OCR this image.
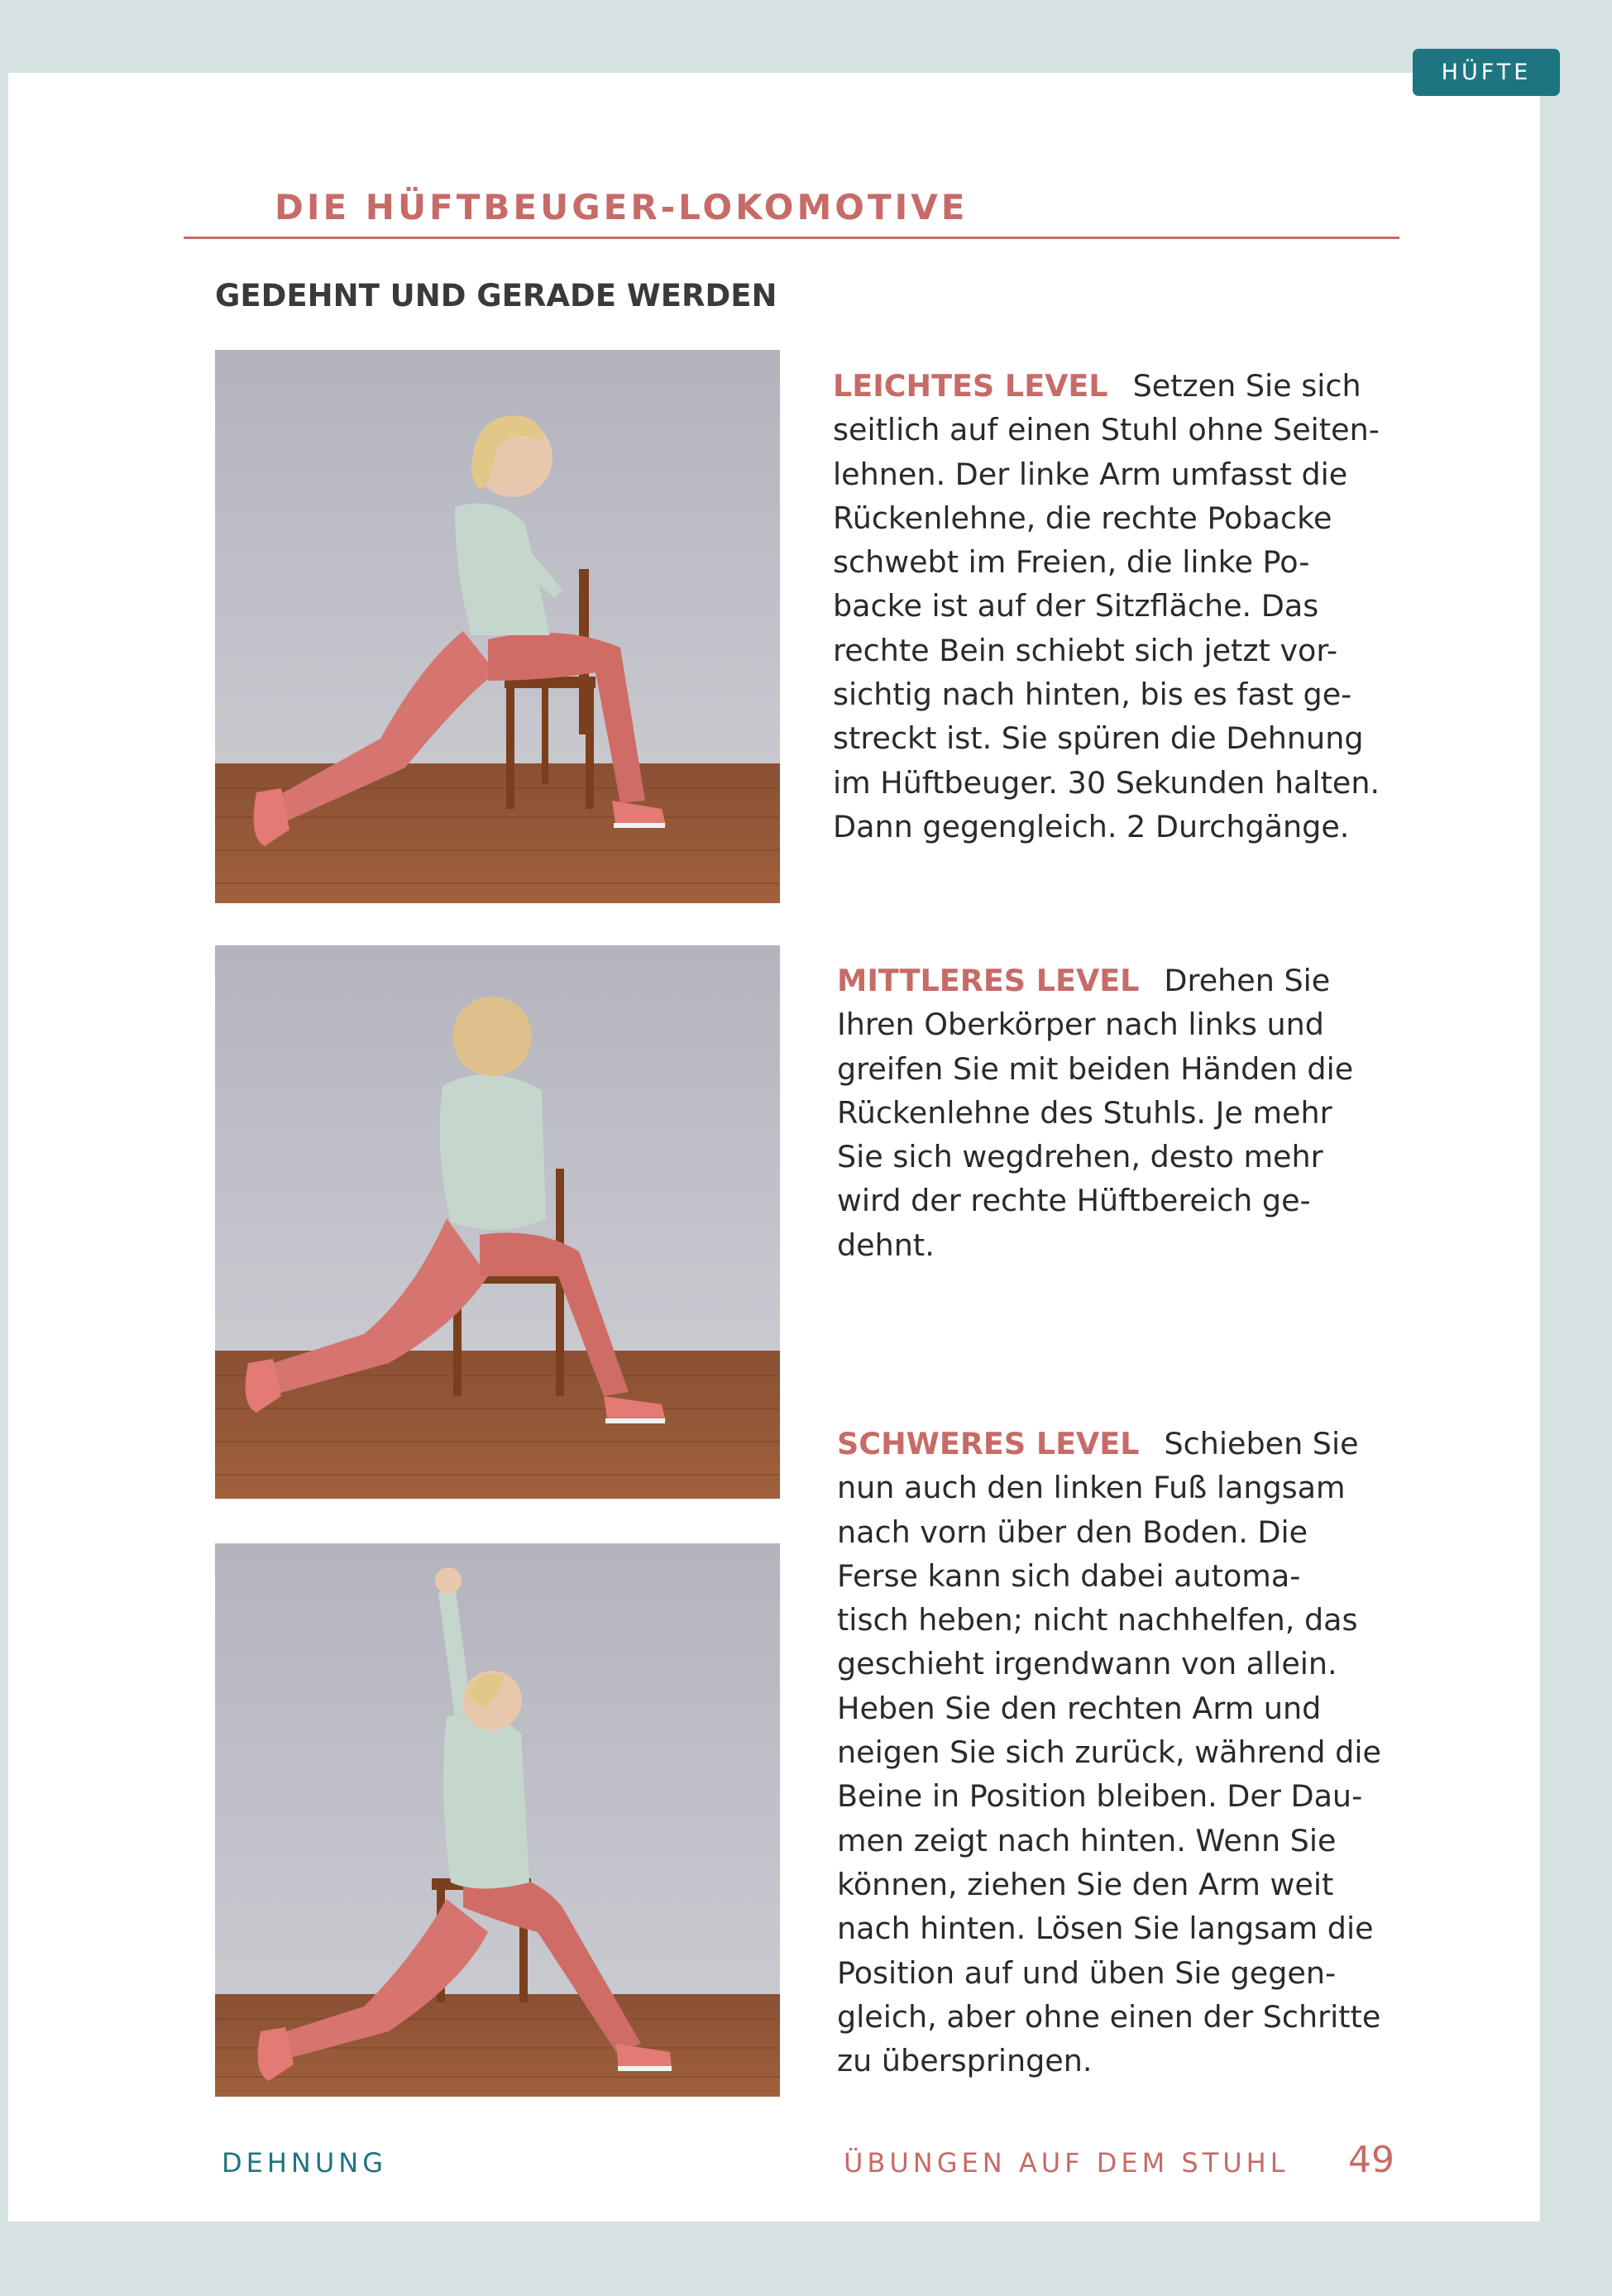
HÜFTE
DIE HÜFTBEUGER-LOKOMOTIVE
GEDEHNT UND GERADE WERDEN
LEICHTES LEVEL Setzen Sie sich
seitlich auf einen Stuhl ohne Seiten-
lehnen. Der linke Arm umfasst die
Rückenlehne, die rechte Pobacke
schwebt im Freien, die linke Po-
backe ist auf der Sitzfläche. Das
rechte Bein schiebt sich jetzt vor-
sichtig nach hinten, bis es fast ge-
streckt ist. Sie spüren die Dehnung
im Hüftbeuger. 30 Sekunden halten.
Dann gegengleich. 2 Durchgänge.
MITTLERES LEVEL Drehen Sie
Ihren Oberkörper nach links und
greifen Sie mit beiden Händen die
Rückenlehne des Stuhls. Je mehr
Sie sich wegdrehen, desto mehr
wird der rechte Hüftbereich ge-
dehnt.
SCHWERES LEVEL Schieben Sie
nun auch den linken Fuß langsam
nach vorn über den Boden. Die
Ferse kann sich dabei automa-
tisch heben; nicht nachhelfen, das
geschieht irgendwann von allein.
Heben Sie den rechten Arm und
neigen Sie sich zurück, während die
Beine in Position bleiben. Der Dau-
men zeigt nach hinten. Wenn Sie
können, ziehen Sie den Arm weit
nach hinten. Lösen Sie langsam die
Position auf und üben Sie gegen-
gleich, aber ohne einen der Schritte
zu überspringen.
DEHNUNG	ÜBUNGEN AUF DEM STUHL 49
